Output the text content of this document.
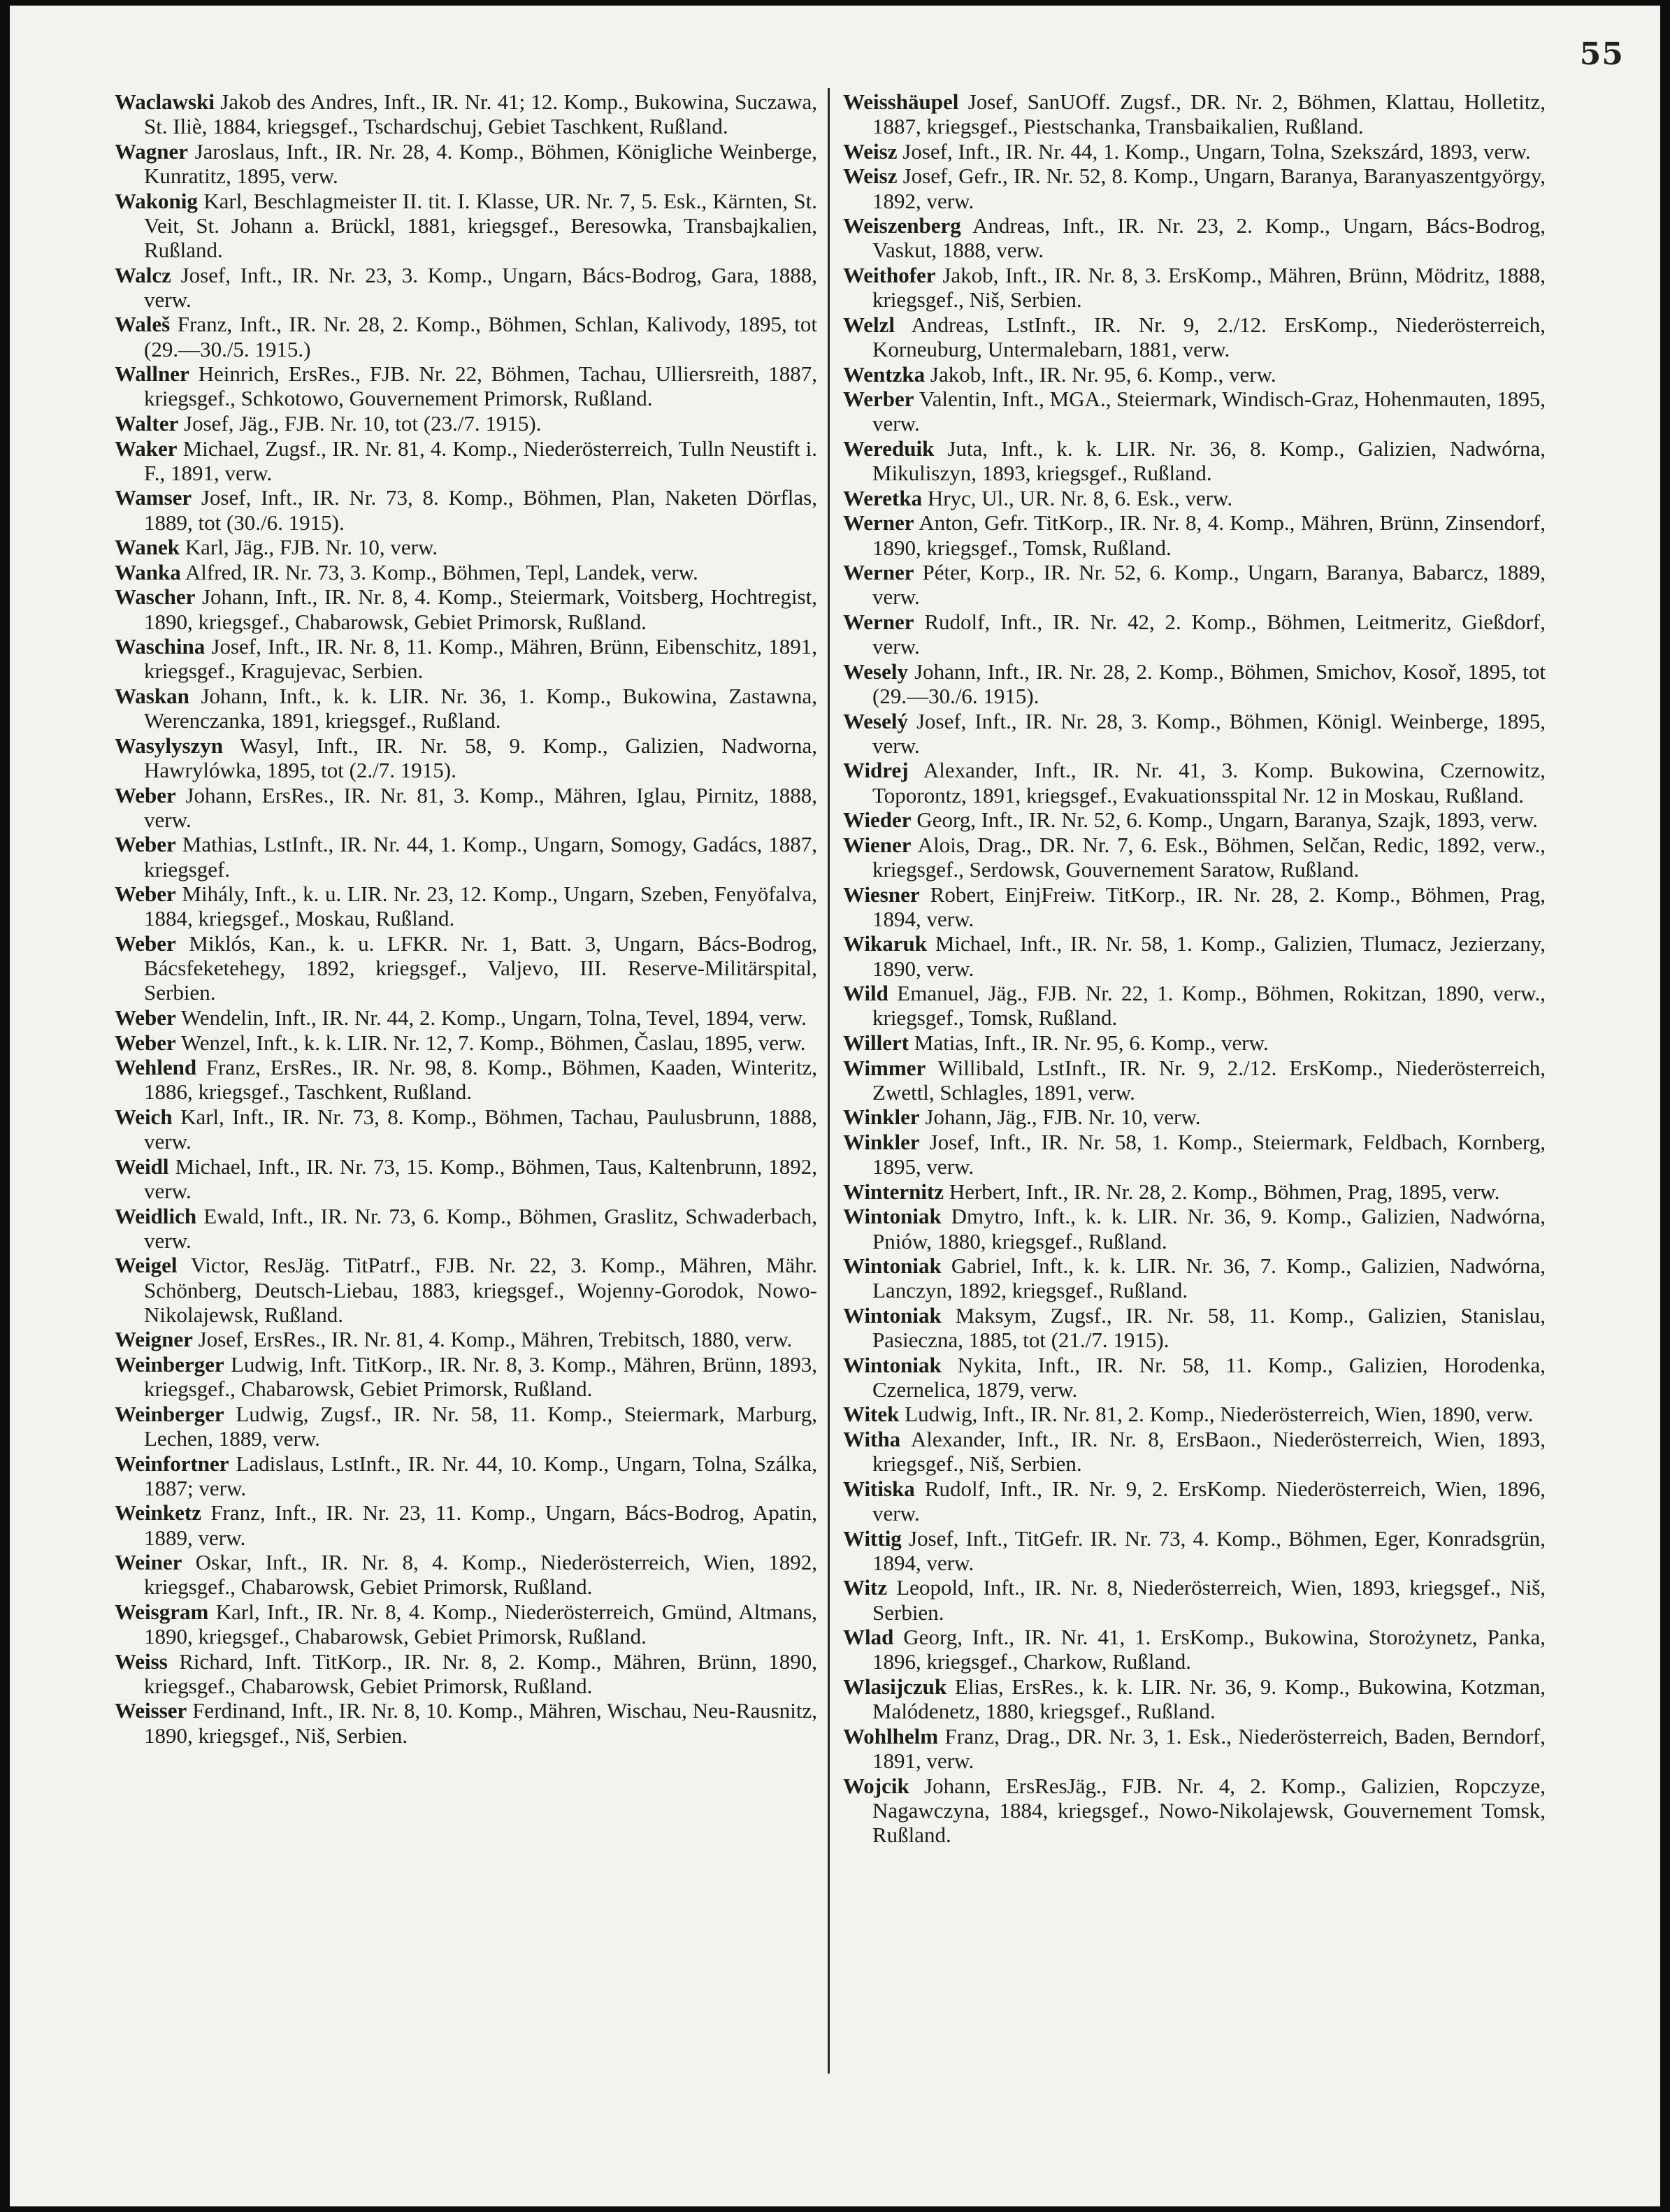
55

Waclawski Jakob des Andres, Inft., IR. Nr. 41; 12. Komp., Bukowina, Suczawa, St. Iliè, 1884, kriegsgef., Tschardschuj, Gebiet Taschkent, Rußland.

Wagner Jaroslaus, Inft., IR. Nr. 28, 4. Komp., Böhmen, Königliche Weinberge, Kunratitz, 1895, verw.

Wakonig Karl, Beschlagmeister II. tit. I. Klasse, UR. Nr. 7, 5. Esk., Kärnten, St. Veit, St. Johann a. Brückl, 1881, kriegsgef., Beresowka, Transbajkalien, Rußland.

Walcz Josef, Inft., IR. Nr. 23, 3. Komp., Ungarn, Bács-Bodrog, Gara, 1888, verw.

Waleš Franz, Inft., IR. Nr. 28, 2. Komp., Böhmen, Schlan, Kalivody, 1895, tot (29.—30./5. 1915.)

Wallner Heinrich, ErsRes., FJB. Nr. 22, Böhmen, Tachau, Ulliersreith, 1887, kriegsgef., Schkotowo, Gouvernement Primorsk, Rußland.

Walter Josef, Jäg., FJB. Nr. 10, tot (23./7. 1915).

Waker Michael, Zugsf., IR. Nr. 81, 4. Komp., Niederösterreich, Tulln Neustift i. F., 1891, verw.

Wamser Josef, Inft., IR. Nr. 73, 8. Komp., Böhmen, Plan, Naketen Dörflas, 1889, tot (30./6. 1915).

Wanek Karl, Jäg., FJB. Nr. 10, verw.

Wanka Alfred, IR. Nr. 73, 3. Komp., Böhmen, Tepl, Landek, verw.

Wascher Johann, Inft., IR. Nr. 8, 4. Komp., Steiermark, Voitsberg, Hochtregist, 1890, kriegsgef., Chabarowsk, Gebiet Primorsk, Rußland.

Waschina Josef, Inft., IR. Nr. 8, 11. Komp., Mähren, Brünn, Eibenschitz, 1891, kriegsgef., Kragujevac, Serbien.

Waskan Johann, Inft., k. k. LIR. Nr. 36, 1. Komp., Bukowina, Zastawna, Werenczanka, 1891, kriegsgef., Rußland.

Wasylyszyn Wasyl, Inft., IR. Nr. 58, 9. Komp., Galizien, Nadworna, Hawrylówka, 1895, tot (2./7. 1915).

Weber Johann, ErsRes., IR. Nr. 81, 3. Komp., Mähren, Iglau, Pirnitz, 1888, verw.

Weber Mathias, LstInft., IR. Nr. 44, 1. Komp., Ungarn, Somogy, Gadács, 1887, kriegsgef.

Weber Mihály, Inft., k. u. LIR. Nr. 23, 12. Komp., Ungarn, Szeben, Fenyöfalva, 1884, kriegsgef., Moskau, Rußland.

Weber Miklós, Kan., k. u. LFKR. Nr. 1, Batt. 3, Ungarn, Bács-Bodrog, Bácsfeketehegy, 1892, kriegsgef., Valjevo, III. Reserve-Militärspital, Serbien.

Weber Wendelin, Inft., IR. Nr. 44, 2. Komp., Ungarn, Tolna, Tevel, 1894, verw.

Weber Wenzel, Inft., k. k. LIR. Nr. 12, 7. Komp., Böhmen, Časlau, 1895, verw.

Wehlend Franz, ErsRes., IR. Nr. 98, 8. Komp., Böhmen, Kaaden, Winteritz, 1886, kriegsgef., Taschkent, Rußland.

Weich Karl, Inft., IR. Nr. 73, 8. Komp., Böhmen, Tachau, Paulusbrunn, 1888, verw.

Weidl Michael, Inft., IR. Nr. 73, 15. Komp., Böhmen, Taus, Kaltenbrunn, 1892, verw.

Weidlich Ewald, Inft., IR. Nr. 73, 6. Komp., Böhmen, Graslitz, Schwaderbach, verw.

Weigel Victor, ResJäg. TitPatrf., FJB. Nr. 22, 3. Komp., Mähren, Mähr. Schönberg, Deutsch-Liebau, 1883, kriegsgef., Wojenny-Gorodok, Nowo-Nikolajewsk, Rußland.

Weigner Josef, ErsRes., IR. Nr. 81, 4. Komp., Mähren, Trebitsch, 1880, verw.

Weinberger Ludwig, Inft. TitKorp., IR. Nr. 8, 3. Komp., Mähren, Brünn, 1893, kriegsgef., Chabarowsk, Gebiet Primorsk, Rußland.

Weinberger Ludwig, Zugsf., IR. Nr. 58, 11. Komp., Steiermark, Marburg, Lechen, 1889, verw.

Weinfortner Ladislaus, LstInft., IR. Nr. 44, 10. Komp., Ungarn, Tolna, Szálka, 1887; verw.

Weinketz Franz, Inft., IR. Nr. 23, 11. Komp., Ungarn, Bács-Bodrog, Apatin, 1889, verw.

Weiner Oskar, Inft., IR. Nr. 8, 4. Komp., Niederösterreich, Wien, 1892, kriegsgef., Chabarowsk, Gebiet Primorsk, Rußland.

Weisgram Karl, Inft., IR. Nr. 8, 4. Komp., Niederösterreich, Gmünd, Altmans, 1890, kriegsgef., Chabarowsk, Gebiet Primorsk, Rußland.

Weiss Richard, Inft. TitKorp., IR. Nr. 8, 2. Komp., Mähren, Brünn, 1890, kriegsgef., Chabarowsk, Gebiet Primorsk, Rußland.

Weisser Ferdinand, Inft., IR. Nr. 8, 10. Komp., Mähren, Wischau, Neu-Rausnitz, 1890, kriegsgef., Niš, Serbien.

Weisshäupel Josef, SanUOff. Zugsf., DR. Nr. 2, Böhmen, Klattau, Holletitz, 1887, kriegsgef., Piestschanka, Transbaikalien, Rußland.

Weisz Josef, Inft., IR. Nr. 44, 1. Komp., Ungarn, Tolna, Szekszárd, 1893, verw.

Weisz Josef, Gefr., IR. Nr. 52, 8. Komp., Ungarn, Baranya, Baranyaszentgyörgy, 1892, verw.

Weiszenberg Andreas, Inft., IR. Nr. 23, 2. Komp., Ungarn, Bács-Bodrog, Vaskut, 1888, verw.

Weithofer Jakob, Inft., IR. Nr. 8, 3. ErsKomp., Mähren, Brünn, Mödritz, 1888, kriegsgef., Niš, Serbien.

Welzl Andreas, LstInft., IR. Nr. 9, 2./12. ErsKomp., Niederösterreich, Korneuburg, Untermalebarn, 1881, verw.

Wentzka Jakob, Inft., IR. Nr. 95, 6. Komp., verw.

Werber Valentin, Inft., MGA., Steiermark, Windisch-Graz, Hohenmauten, 1895, verw.

Wereduik Juta, Inft., k. k. LIR. Nr. 36, 8. Komp., Galizien, Nadwórna, Mikuliszyn, 1893, kriegsgef., Rußland.

Weretka Hryc, Ul., UR. Nr. 8, 6. Esk., verw.

Werner Anton, Gefr. TitKorp., IR. Nr. 8, 4. Komp., Mähren, Brünn, Zinsendorf, 1890, kriegsgef., Tomsk, Rußland.

Werner Péter, Korp., IR. Nr. 52, 6. Komp., Ungarn, Baranya, Babarcz, 1889, verw.

Werner Rudolf, Inft., IR. Nr. 42, 2. Komp., Böhmen, Leitmeritz, Gießdorf, verw.

Wesely Johann, Inft., IR. Nr. 28, 2. Komp., Böhmen, Smichov, Kosoř, 1895, tot (29.—30./6. 1915).

Weselý Josef, Inft., IR. Nr. 28, 3. Komp., Böhmen, Königl. Weinberge, 1895, verw.

Widrej Alexander, Inft., IR. Nr. 41, 3. Komp. Bukowina, Czernowitz, Toporontz, 1891, kriegsgef., Evakuationsspital Nr. 12 in Moskau, Rußland.

Wieder Georg, Inft., IR. Nr. 52, 6. Komp., Ungarn, Baranya, Szajk, 1893, verw.

Wiener Alois, Drag., DR. Nr. 7, 6. Esk., Böhmen, Selčan, Redic, 1892, verw., kriegsgef., Serdowsk, Gouvernement Saratow, Rußland.

Wiesner Robert, EinjFreiw. TitKorp., IR. Nr. 28, 2. Komp., Böhmen, Prag, 1894, verw.

Wikaruk Michael, Inft., IR. Nr. 58, 1. Komp., Galizien, Tlumacz, Jezierzany, 1890, verw.

Wild Emanuel, Jäg., FJB. Nr. 22, 1. Komp., Böhmen, Rokitzan, 1890, verw., kriegsgef., Tomsk, Rußland.

Willert Matias, Inft., IR. Nr. 95, 6. Komp., verw.

Wimmer Willibald, LstInft., IR. Nr. 9, 2./12. ErsKomp., Niederösterreich, Zwettl, Schlagles, 1891, verw.

Winkler Johann, Jäg., FJB. Nr. 10, verw.

Winkler Josef, Inft., IR. Nr. 58, 1. Komp., Steiermark, Feldbach, Kornberg, 1895, verw.

Winternitz Herbert, Inft., IR. Nr. 28, 2. Komp., Böhmen, Prag, 1895, verw.

Wintoniak Dmytro, Inft., k. k. LIR. Nr. 36, 9. Komp., Galizien, Nadwórna, Pniów, 1880, kriegsgef., Rußland.

Wintoniak Gabriel, Inft., k. k. LIR. Nr. 36, 7. Komp., Galizien, Nadwórna, Lanczyn, 1892, kriegsgef., Rußland.

Wintoniak Maksym, Zugsf., IR. Nr. 58, 11. Komp., Galizien, Stanislau, Pasieczna, 1885, tot (21./7. 1915).

Wintoniak Nykita, Inft., IR. Nr. 58, 11. Komp., Galizien, Horodenka, Czernelica, 1879, verw.

Witek Ludwig, Inft., IR. Nr. 81, 2. Komp., Niederösterreich, Wien, 1890, verw.

Witha Alexander, Inft., IR. Nr. 8, ErsBaon., Niederösterreich, Wien, 1893, kriegsgef., Niš, Serbien.

Witiska Rudolf, Inft., IR. Nr. 9, 2. ErsKomp. Niederösterreich, Wien, 1896, verw.

Wittig Josef, Inft., TitGefr. IR. Nr. 73, 4. Komp., Böhmen, Eger, Konradsgrün, 1894, verw.

Witz Leopold, Inft., IR. Nr. 8, Niederösterreich, Wien, 1893, kriegsgef., Niš, Serbien.

Wlad Georg, Inft., IR. Nr. 41, 1. ErsKomp., Bukowina, Storożynetz, Panka, 1896, kriegsgef., Charkow, Rußland.

Wlasijczuk Elias, ErsRes., k. k. LIR. Nr. 36, 9. Komp., Bukowina, Kotzman, Malódenetz, 1880, kriegsgef., Rußland.

Wohlhelm Franz, Drag., DR. Nr. 3, 1. Esk., Niederösterreich, Baden, Berndorf, 1891, verw.

Wojcik Johann, ErsResJäg., FJB. Nr. 4, 2. Komp., Galizien, Ropczyze, Nagawczyna, 1884, kriegsgef., Nowo-Nikolajewsk, Gouvernement Tomsk, Rußland.
